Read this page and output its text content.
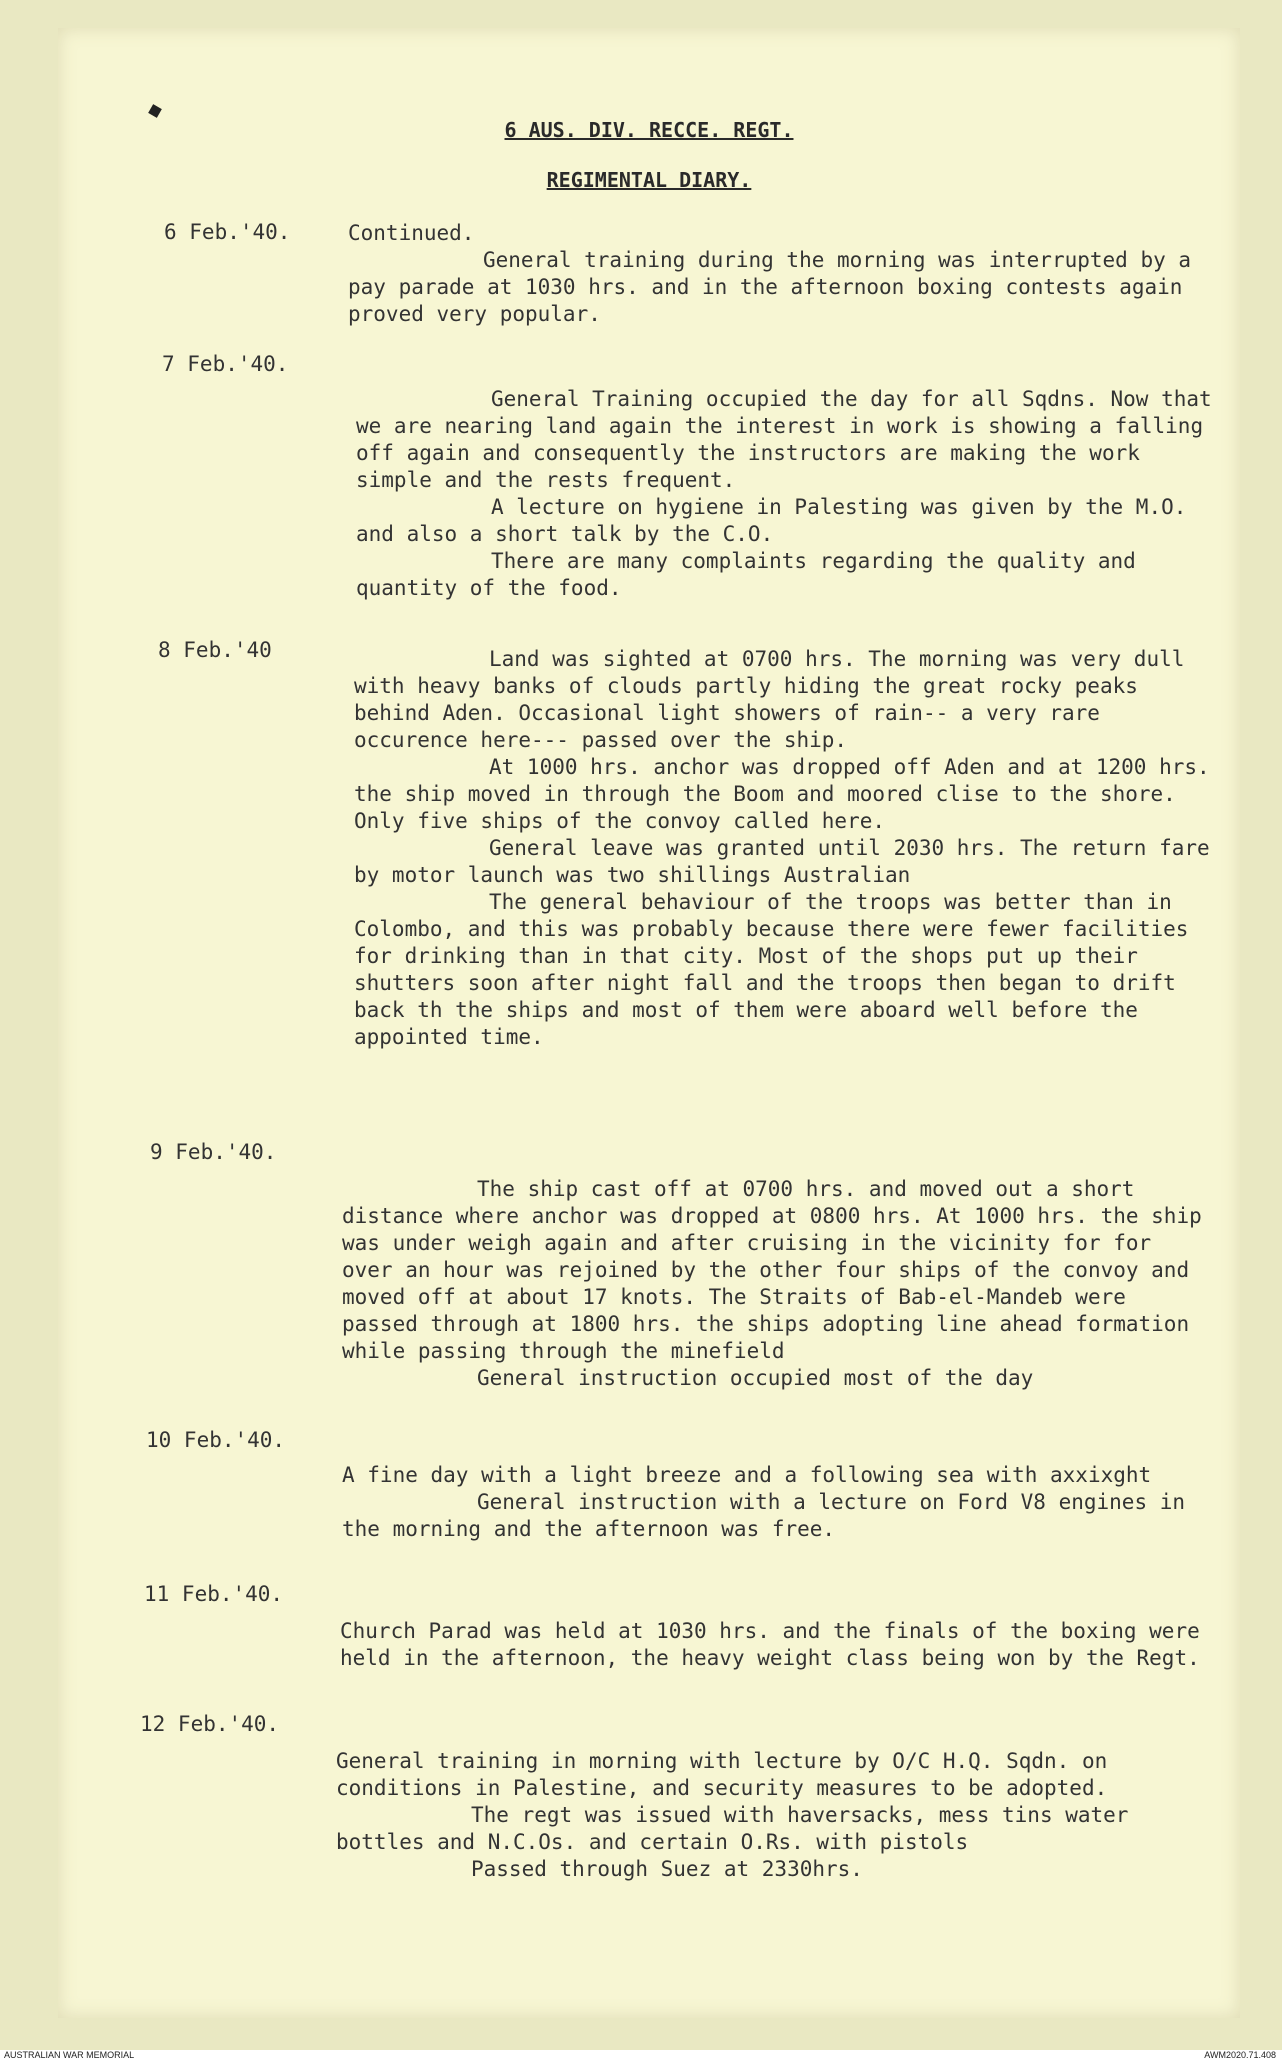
6 AUS. DIV. RECCE. REGT.
REGIMENTAL DIARY.
6 Feb.'40.	Continued.

General training during the morning was interrupted by a pay parade at 1030 hrs. and in the afternoon boxing contests again proved very popular.

7 Feb.'40.

General Training occupied the day for all Sqdns. Now that we are nearing land again the interest in work is showing a falling off again and consequently the instructors are making the work simple and the rests frequent.

A lecture on hygiene in Palesting was given by the M.O. and also a short talk by the C.O.

There are many complaints regarding the quality and quantity of the food.

8 Feb.'40	Land was sighted at 0700 hrs. The morning was very dull with heavy banks of clouds partly hiding the great rocky peaks behind Aden. Occasional light showers of rain-- a very rare occurence here--- passed over the ship.

At 1000 hrs. anchor was dropped off Aden and at 1200 hrs. the ship moved in through the Boom and moored clise to the shore. Only five ships of the convoy called here.

General leave was granted until 2030 hrs. The return fare by motor launch was two shillings Australian

The general behaviour of the troops was better than in Colombo, and this was probably because there were fewer facilities for drinking than in that city. Most of the shops put up their shutters soon after night fall and the troops then began to drift back th the ships and most of them were aboard well before the appointed time.

9 Feb.'40.

The ship cast off at 0700 hrs. and moved out a short distance where anchor was dropped at 0800 hrs. At 1000 hrs. the ship was under weigh again and after cruising in the vicinity for for over an hour was rejoined by the other four ships of the convoy and moved off at about 17 knots. The Straits of Bab-el-Mandeb were passed through at 1800 hrs. the ships adopting line ahead formation while passing through the minefield

General instruction occupied most of the day

10 Feb.'40.

A fine day with a light breeze and a following sea with axxixght

General instruction with a lecture on Ford V8 engines in the morning and the afternoon was free.

11 Feb.'40.

Church Parad was held at 1030 hrs. and the finals of the boxing were held in the afternoon, the heavy weight class being won by the Regt.

12 Feb.'40.

General training in morning with lecture by O/C H.Q. Sqdn. on conditions in Palestine, and security measures to be adopted.

The regt was issued with haversacks, mess tins water bottles and N.C.Os. and certain O.Rs. with pistols

Passed through Suez at 2330hrs.

AUSTRALIAN WAR MEMORIAL	AWM2020.71.408
